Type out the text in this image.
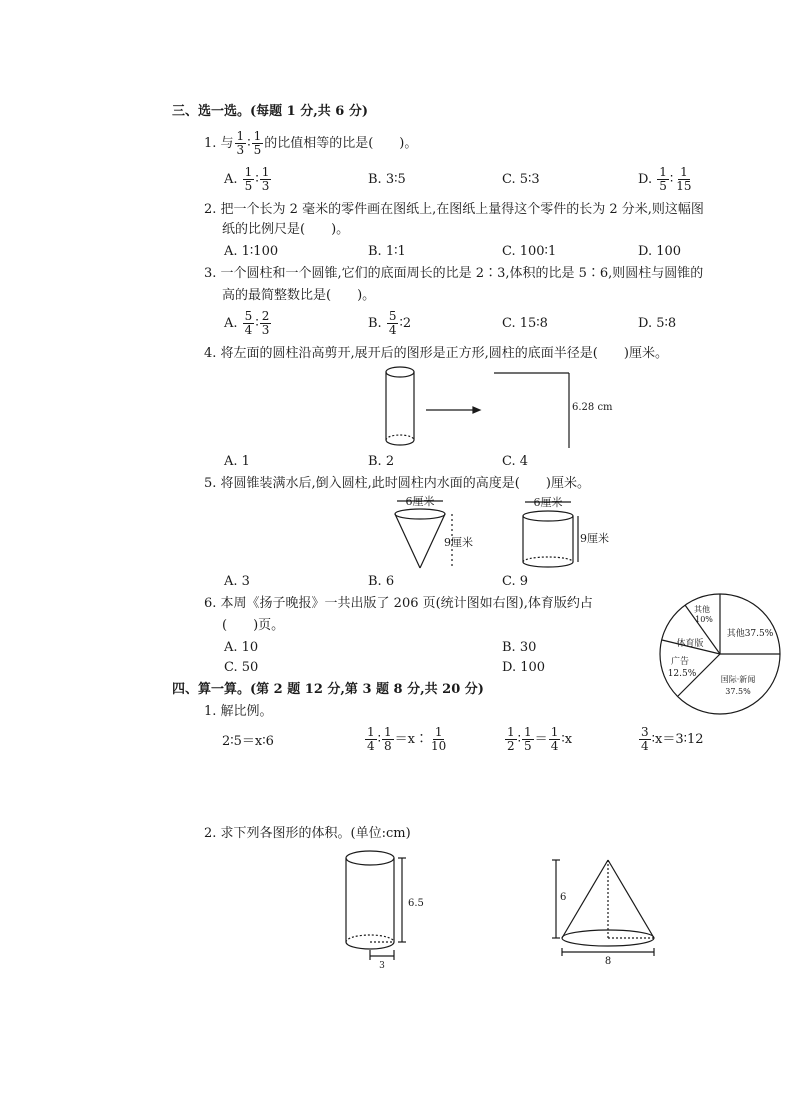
三、选一选。(每题 1 分,共 6 分)
1. 与 $\frac{1}{3}$ ∶ $\frac{1}{5}$ 的比值相等的比是(　　)。
A. $\frac{1}{5}$ ∶ $\frac{1}{3}$	B. 3∶5	C. 5∶3	D. $\frac{1}{5}$ ∶ $\frac{1}{15}$
2. 把一个长为 2 毫米的零件画在图纸上,在图纸上量得这个零件的长为 2 分米,则这幅图
纸的比例尺是(　　)。
A. 1∶100	B. 1∶1	C. 100∶1	D. 100
3. 一个圆柱和一个圆锥,它们的底面周长的比是 2∶3,体积的比是 5∶6,则圆柱与圆锥的
高的最简整数比是(　　)。
A. $\frac{5}{4}$ ∶ $\frac{2}{3}$	B. $\frac{5}{4}$ ∶2	C. 15∶8	D. 5∶8
4. 将左面的圆柱沿高剪开,展开后的图形是正方形,圆柱的底面半径是(　　)厘米。
6.28 cm
A. 1	B. 2	C. 4
5. 将圆锥装满水后,倒入圆柱,此时圆柱内水面的高度是(　　)厘米。
6厘米
9厘米
6厘米
9厘米
A. 3	B. 6	C. 9
6. 本周《扬子晚报》一共出版了 206 页(统计图如右图),体育版约占
(　　)页。
A. 10	B. 30
C. 50	D. 100
其他
10%
其他37.5%
体育版
广告
12.5%
国际·新闻
37.5%
四、算一算。(第 2 题 12 分,第 3 题 8 分,共 20 分)
1. 解比例。
2∶5＝x∶6	$\frac{1}{4}$ ∶ $\frac{1}{8}$ ＝x∶ $\frac{1}{10}$	$\frac{1}{2}$ ∶ $\frac{1}{5} = \frac{1}{4}$ ∶x	$\frac{3}{4}$ ∶x＝3∶12
2. 求下列各图形的体积。(单位:cm)
6.5
3
6
8
